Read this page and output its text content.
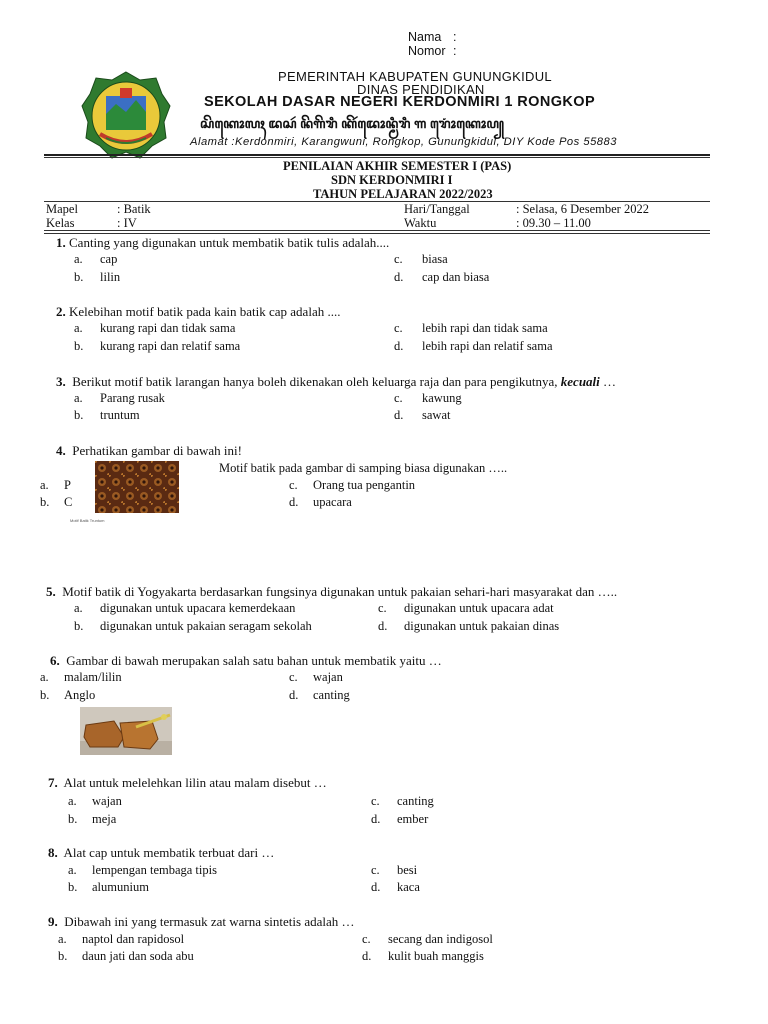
Nama :
Nomor :
PEMERINTAH KABUPATEN GUNUNGKIDUL
DINAS PENDIDIKAN
SEKOLAH DASAR NEGERI KERDONMIRI 1 RONGKOP
ꦱꦼꦏꦺꦴꦭꦃ ꦢꦱꦂ ꦤꦼꦒꦼꦫꦶ ꦏꦼꦂꦢꦺꦴꦤ꧀ꦩꦶꦫꦶ ꧑ ꦫꦺꦴꦁꦏꦺꦴꦥ꧀
Alamat :Kerdonmiri, Karangwuni, Rongkop, Gunungkidul, DIY Kode Pos 55883
PENILAIAN AKHIR SEMESTER I (PAS)
SDN KERDONMIRI I
TAHUN PELAJARAN 2022/2023
Mapel	: Batik	Hari/Tanggal	: Selasa, 6 Desember 2022
Kelas	: IV	Waktu	: 09.30 – 11.00
1. Canting yang digunakan untuk membatik batik tulis adalah....
a. cap	c. biasa
b. lilin	d. cap dan biasa
2. Kelebihan motif batik pada kain batik cap adalah ....
a. kurang rapi dan tidak sama	c. lebih rapi dan tidak sama
b. kurang rapi dan relatif sama	d. lebih rapi dan relatif sama
3. Berikut motif batik larangan hanya boleh dikenakan oleh keluarga raja dan para pengikutnya, kecuali …
a. Parang rusak	c. kawung
b. truntum	d. sawat
4. Perhatikan gambar di bawah ini!
Motif batik pada gambar di samping biasa digunakan …..
a. P	c. Orang tua pengantin
b. C	d. upacara
Motif Batik Truntum
5. Motif batik di Yogyakarta berdasarkan fungsinya digunakan untuk pakaian sehari-hari masyarakat dan …..
a. digunakan untuk upacara kemerdekaan	c. digunakan untuk upacara adat
b. digunakan untuk pakaian seragam sekolah	d. digunakan untuk pakaian dinas
6. Gambar di bawah merupakan salah satu bahan untuk membatik yaitu …
a. malam/lilin	c. wajan
b. Anglo	d. canting
7. Alat untuk melelehkan lilin atau malam disebut …
a. wajan	c. canting
b. meja	d. ember
8. Alat cap untuk membatik terbuat dari …
a. lempengan tembaga tipis	c. besi
b. alumunium	d. kaca
9. Dibawah ini yang termasuk zat warna sintetis adalah …
a. naptol dan rapidosol	c. secang dan indigosol
b. daun jati dan soda abu	d. kulit buah manggis
